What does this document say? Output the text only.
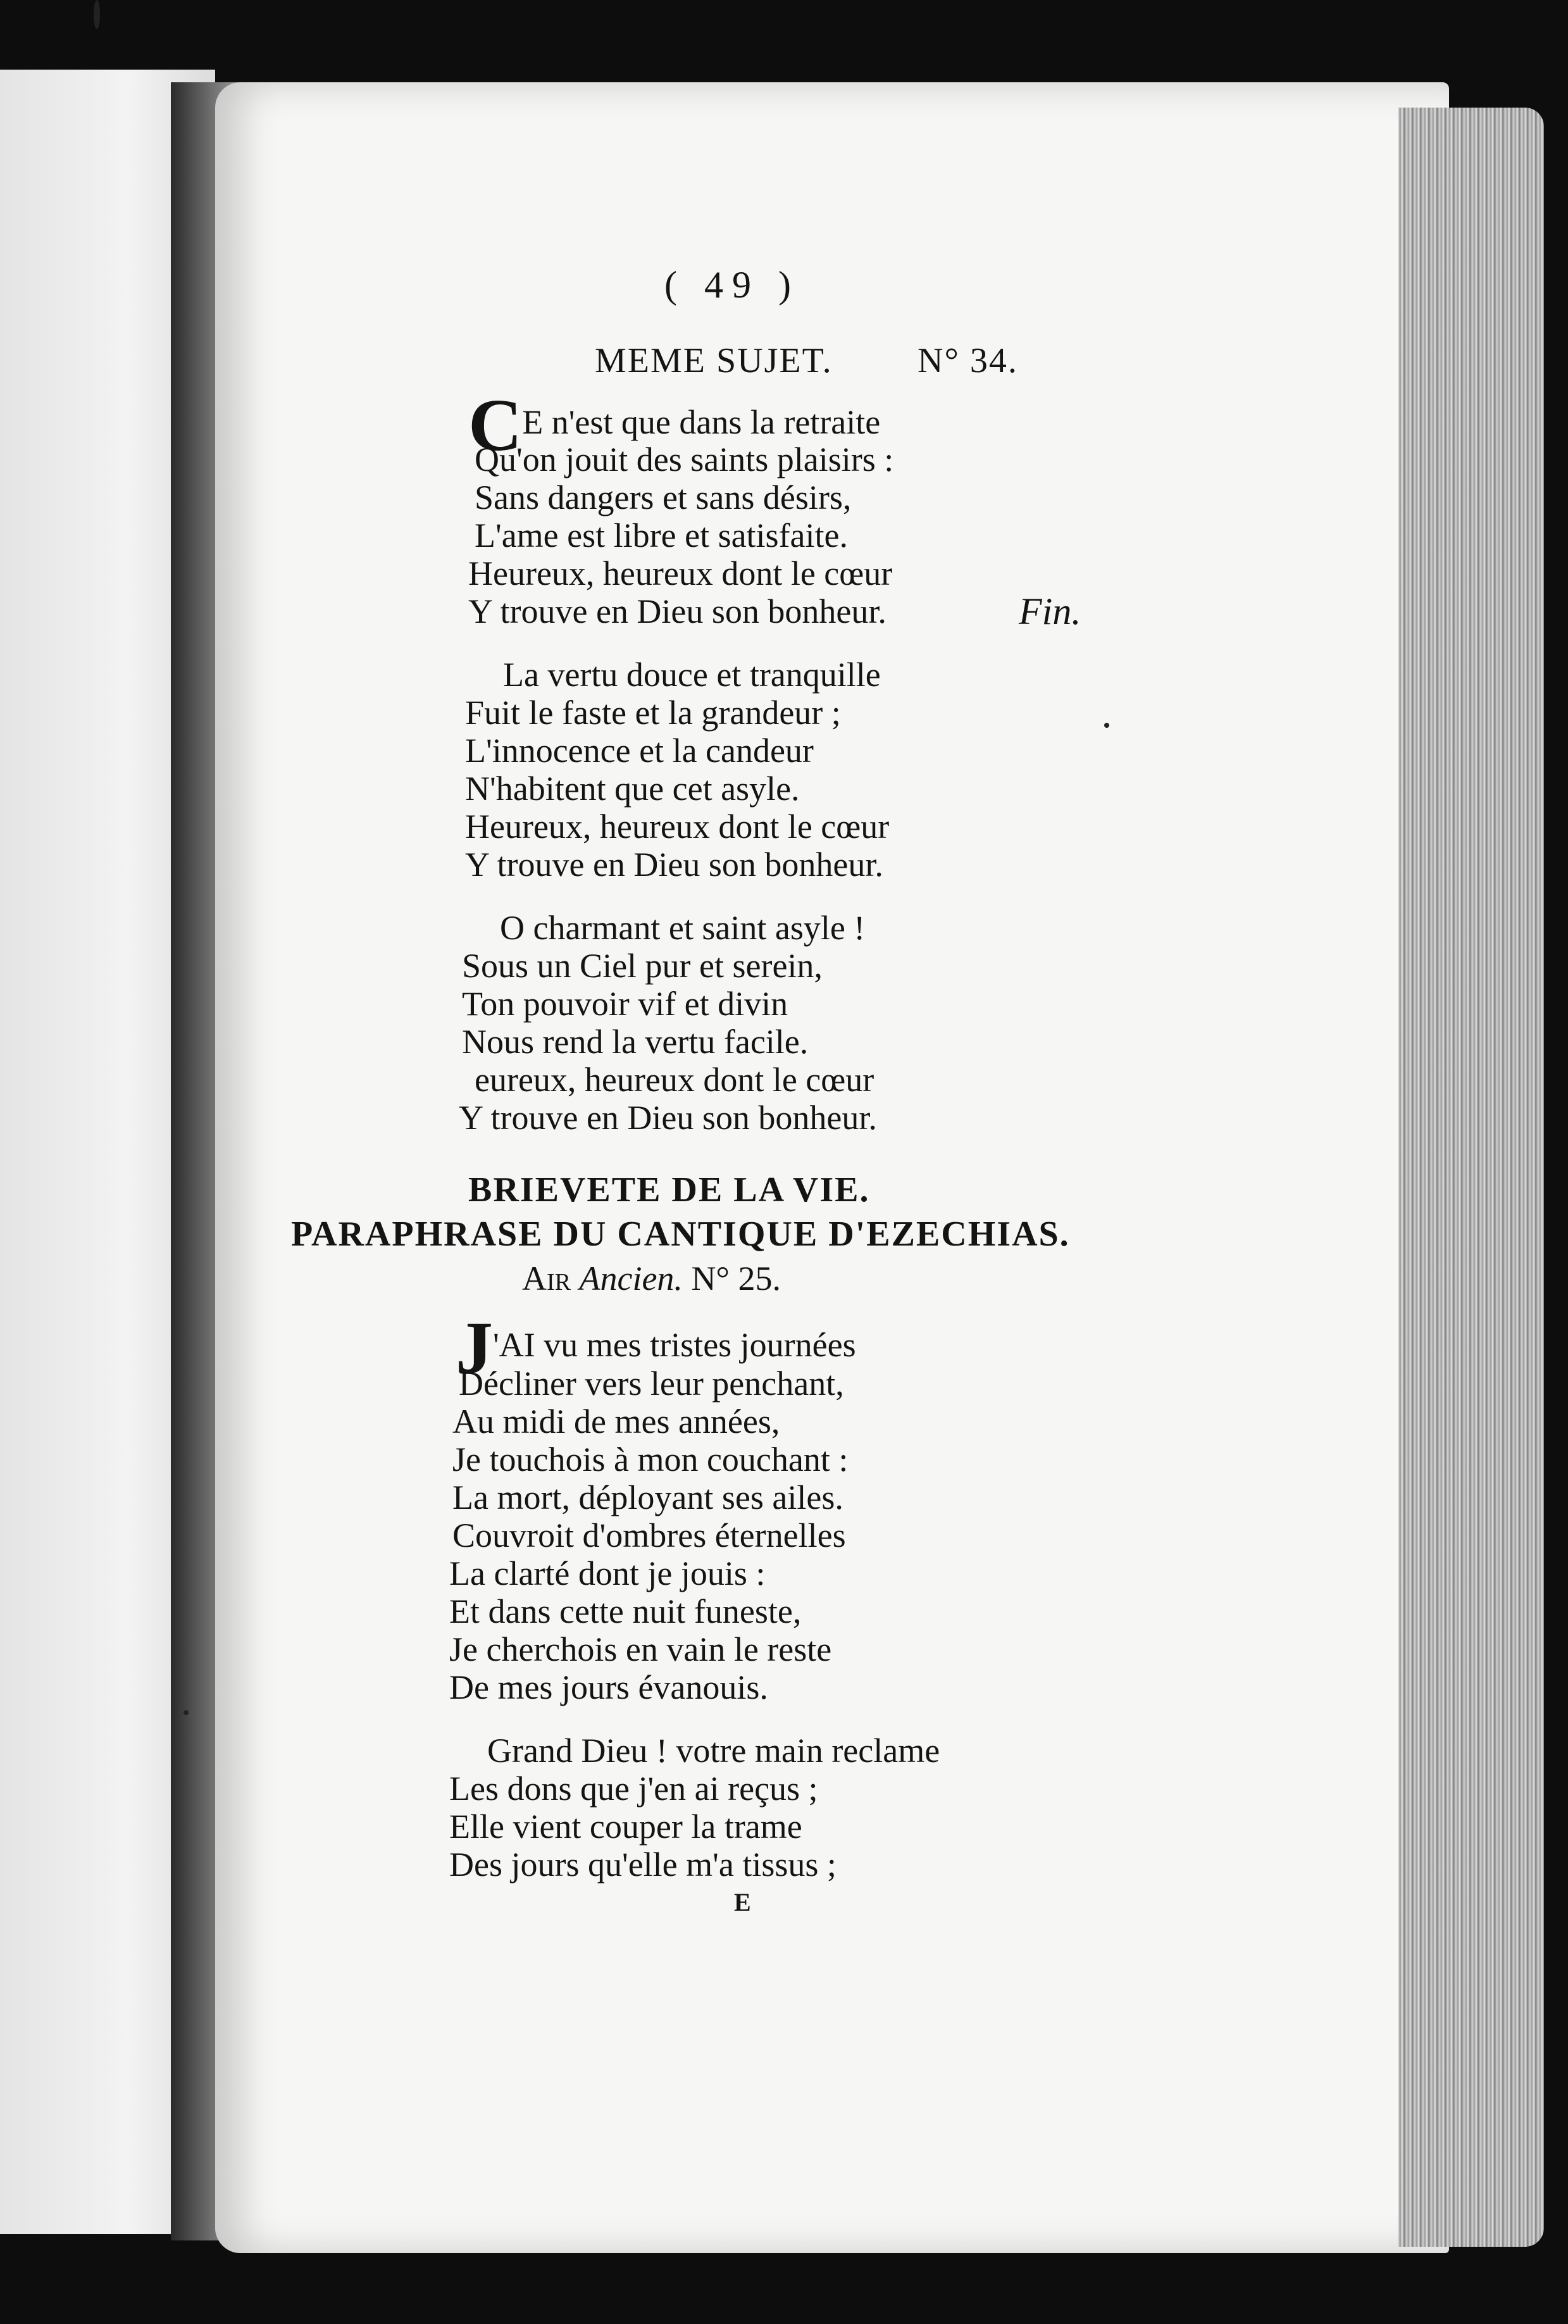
( 49 )
MEME SUJET. N° 34.
CE n'est que dans la retraite
Qu'on jouit des saints plaisirs :
Sans dangers et sans désirs,
L'ame est libre et satisfaite.
Heureux, heureux dont le cœur
Y trouve en Dieu son bonheur.	Fin.
La vertu douce et tranquille
Fuit le faste et la grandeur ;
L'innocence et la candeur
N'habitent que cet asyle.
Heureux, heureux dont le cœur
Y trouve en Dieu son bonheur.
O charmant et saint asyle !
Sous un Ciel pur et serein,
Ton pouvoir vif et divin
Nous rend la vertu facile.
eureux, heureux dont le cœur
Y trouve en Dieu son bonheur.
BRIEVETE DE LA VIE.
PARAPHRASE DU CANTIQUE D'EZECHIAS.
Air Ancien. N° 25.
J'AI vu mes tristes journées
Décliner vers leur penchant,
Au midi de mes années,
Je touchois à mon couchant :
La mort, déployant ses ailes.
Couvroit d'ombres éternelles
La clarté dont je jouis :
Et dans cette nuit funeste,
Je cherchois en vain le reste
De mes jours évanouis.
Grand Dieu ! votre main reclame
Les dons que j'en ai reçus ;
Elle vient couper la trame
Des jours qu'elle m'a tissus ;
E
